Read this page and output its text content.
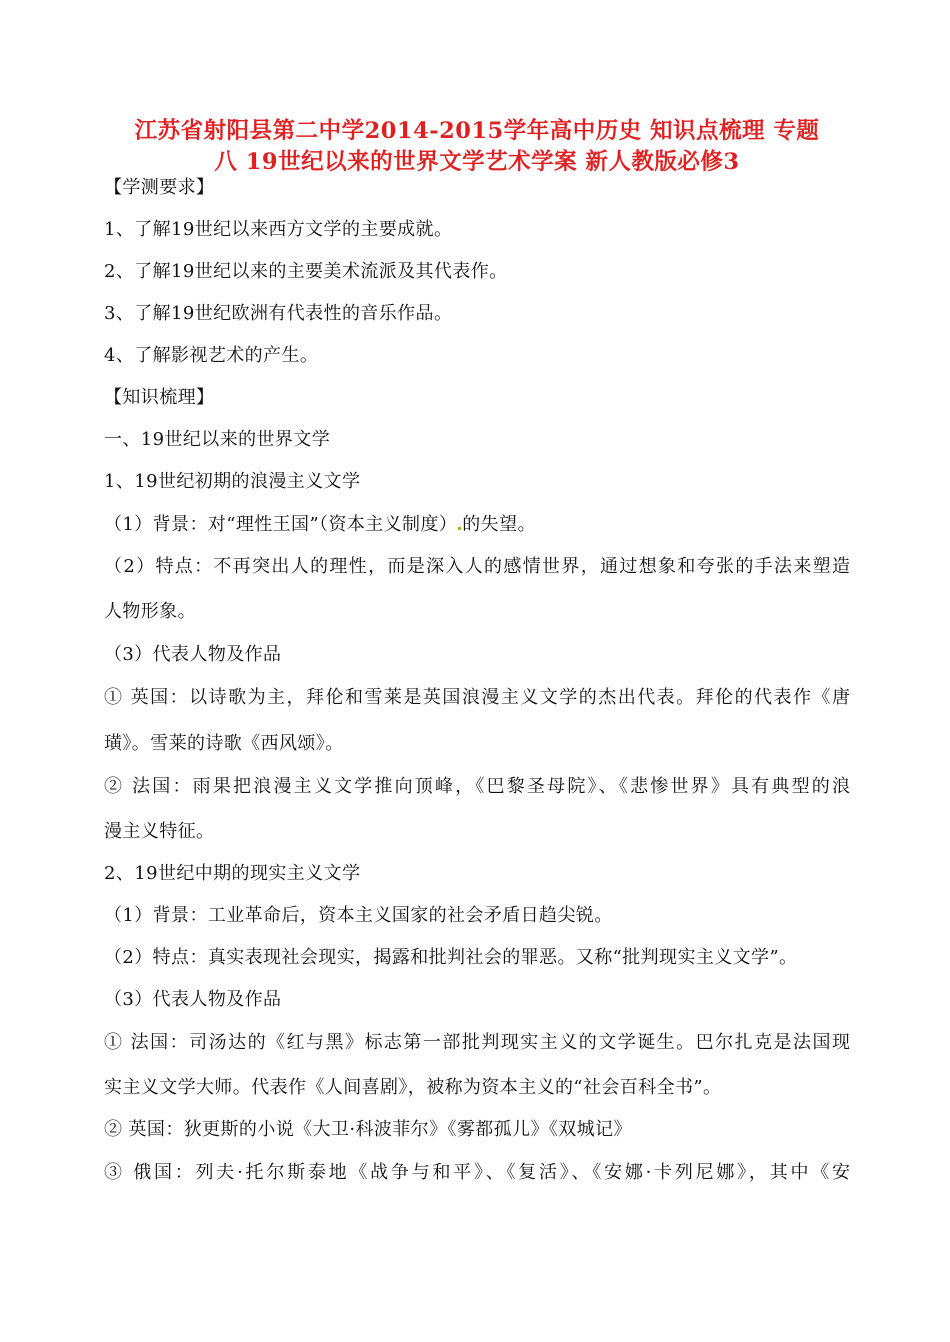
江苏省射阳县第二中学2014-2015学年高中历史 知识点梳理 专题
八 19世纪以来的世界文学艺术学案 新人教版必修3
【学测要求】
1、了解19世纪以来西方文学的主要成就。
2、了解19世纪以来的主要美术流派及其代表作。
3、了解19世纪欧洲有代表性的音乐作品。
4、了解影视艺术的产生。
【知识梳理】
一、19世纪以来的世界文学
1、19世纪初期的浪漫主义文学
（1）背景：对“理性王国”（资本主义制度） 的失望。
（2）特点：不再突出人的理性，而是深入人的感情世界，通过想象和夸张的手法来塑造
人物形象。
（3）代表人物及作品
① 英国：以诗歌为主，拜伦和雪莱是英国浪漫主义文学的杰出代表。拜伦的代表作《唐
璜》。雪莱的诗歌《西风颂》。
② 法国：雨果把浪漫主义文学推向顶峰，《巴黎圣母院》、《悲惨世界》具有典型的浪
漫主义特征。
2、19世纪中期的现实主义文学
（1）背景：工业革命后，资本主义国家的社会矛盾日趋尖锐。
（2）特点：真实表现社会现实，揭露和批判社会的罪恶。又称“批判现实主义文学”。
（3）代表人物及作品
① 法国：司汤达的《红与黑》标志第一部批判现实主义的文学诞生。巴尔扎克是法国现
实主义文学大师。代表作《人间喜剧》，被称为资本主义的“社会百科全书”。
② 英国：狄更斯的小说《大卫·科波菲尔》《雾都孤儿》《双城记》
③ 俄国：列夫·托尔斯泰地《战争与和平》、《复活》、《安娜·卡列尼娜》，其中《安
